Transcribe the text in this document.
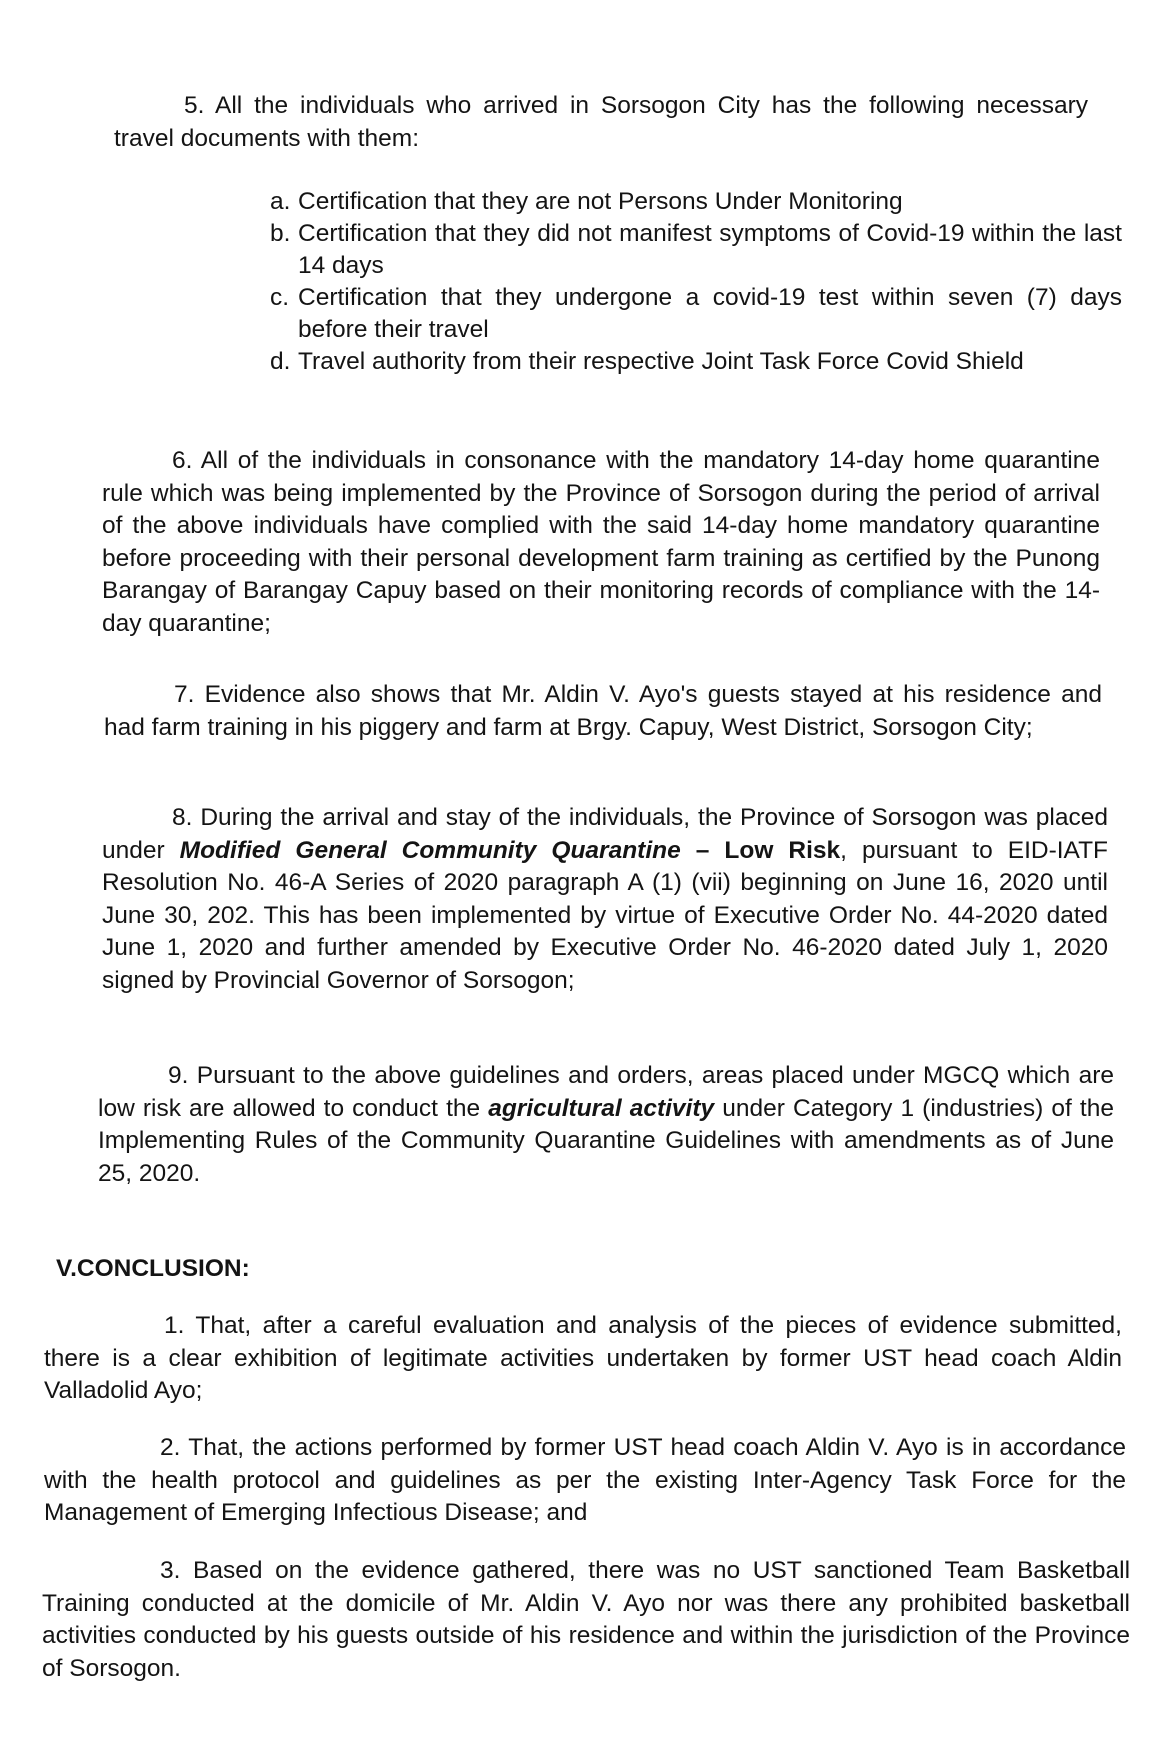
5. All the individuals who arrived in Sorsogon City has the following necessary travel documents with them:

a. Certification that they are not Persons Under Monitoring

b. Certification that they did not manifest symptoms of Covid-19 within the last 14 days

c. Certification that they undergone a covid-19 test within seven (7) days before their travel

d. Travel authority from their respective Joint Task Force Covid Shield

6. All of the individuals in consonance with the mandatory 14-day home quarantine rule which was being implemented by the Province of Sorsogon during the period of arrival of the above individuals have complied with the said 14-day home mandatory quarantine before proceeding with their personal development farm training as certified by the Punong Barangay of Barangay Capuy based on their monitoring records of compliance with the 14-day quarantine;

7. Evidence also shows that Mr. Aldin V. Ayo's guests stayed at his residence and had farm training in his piggery and farm at Brgy. Capuy, West District, Sorsogon City;

8. During the arrival and stay of the individuals, the Province of Sorsogon was placed under Modified General Community Quarantine – Low Risk, pursuant to EID-IATF Resolution No. 46-A Series of 2020 paragraph A (1) (vii) beginning on June 16, 2020 until June 30, 202. This has been implemented by virtue of Executive Order No. 44-2020 dated June 1, 2020 and further amended by Executive Order No. 46-2020 dated July 1, 2020 signed by Provincial Governor of Sorsogon;

9. Pursuant to the above guidelines and orders, areas placed under MGCQ which are low risk are allowed to conduct the agricultural activity under Category 1 (industries) of the Implementing Rules of the Community Quarantine Guidelines with amendments as of June 25, 2020.

V.CONCLUSION:

1. That, after a careful evaluation and analysis of the pieces of evidence submitted, there is a clear exhibition of legitimate activities undertaken by former UST head coach Aldin Valladolid Ayo;

2. That, the actions performed by former UST head coach Aldin V. Ayo is in accordance with the health protocol and guidelines as per the existing Inter-Agency Task Force for the Management of Emerging Infectious Disease; and

3. Based on the evidence gathered, there was no UST sanctioned Team Basketball Training conducted at the domicile of Mr. Aldin V. Ayo nor was there any prohibited basketball activities conducted by his guests outside of his residence and within the jurisdiction of the Province of Sorsogon.
